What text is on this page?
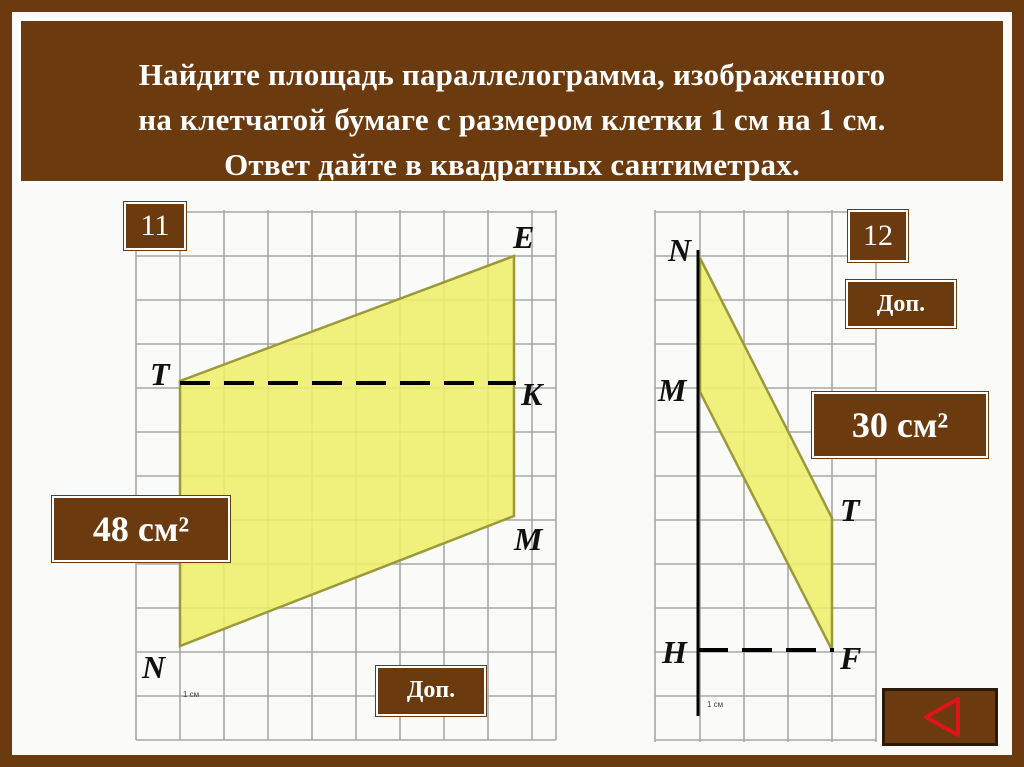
Найдите площадь параллелограмма, изображенного
на клетчатой бумаге с размером клетки 1 см на 1 см.
Ответ дайте в квадратных сантиметрах.
11	E
T
K
M
N
48 см²
Доп.
1 см
12
N
M
T
H	F
Доп.
30 см²
1 см
